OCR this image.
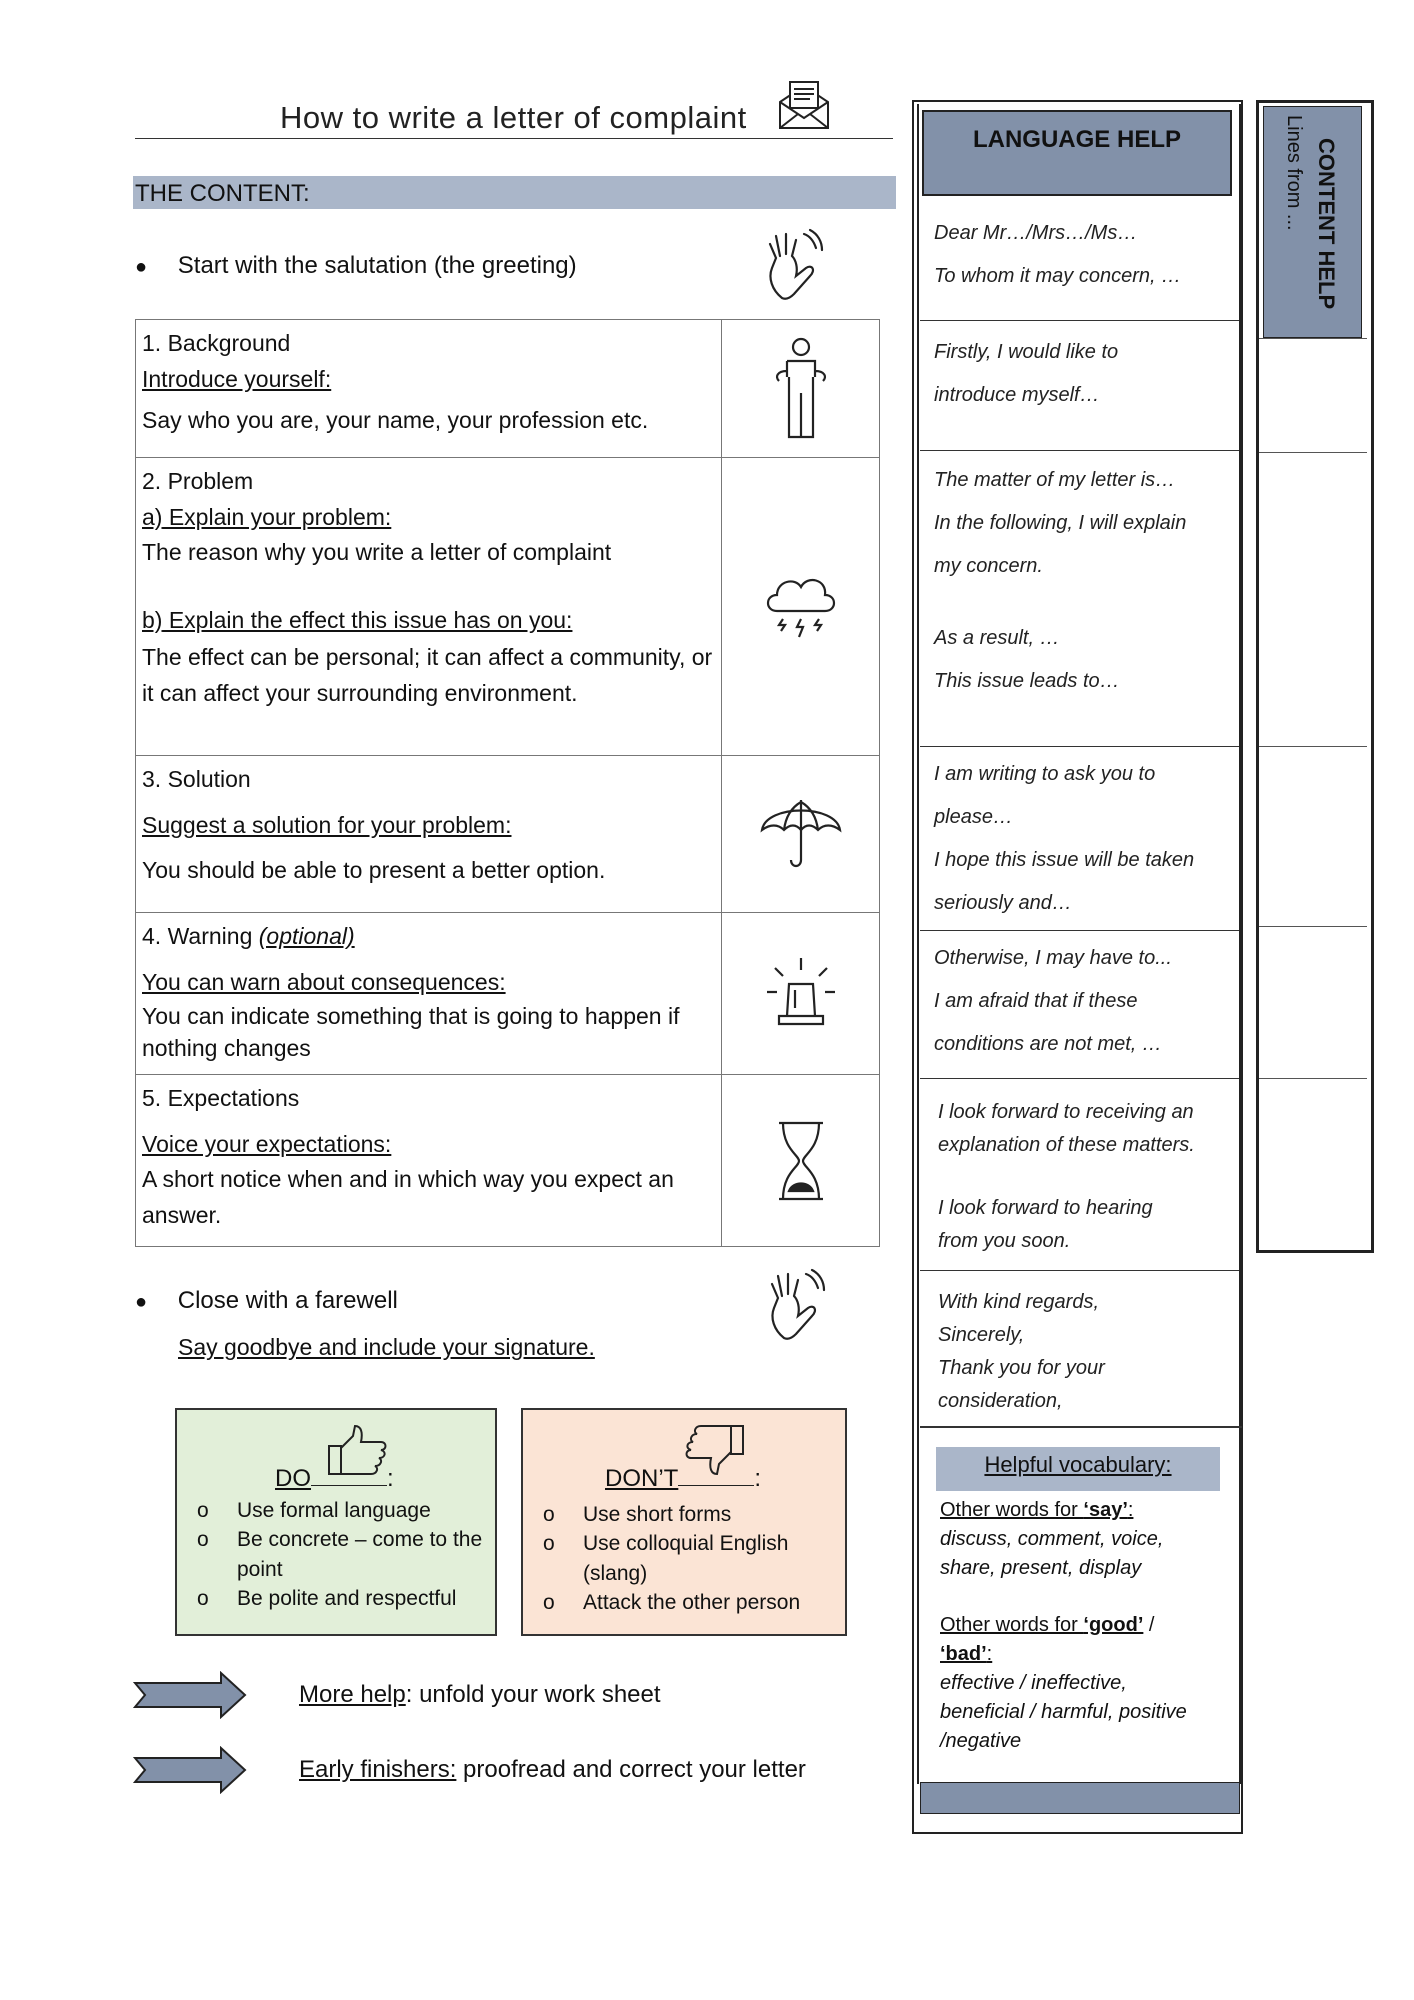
How to write a letter of complaint
THE CONTENT:
● Start with the salutation (the greeting)
1. Background
Introduce yourself:
Say who you are, your name, your profession etc.

2. Problem
a) Explain your problem:
The reason why you write a letter of complaint
b) Explain the effect this issue has on you:
The effect can be personal; it can affect a community, or it can affect your surrounding environment.

3. Solution
Suggest a solution for your problem:
You should be able to present a better option.

4. Warning (optional)
You can warn about consequences:
You can indicate something that is going to happen if nothing changes

5. Expectations
Voice your expectations:
A short notice when and in which way you expect an answer.

● Close with a farewell
Say goodbye and include your signature.
DO	:
o Use formal language
o Be concrete – come to the point
o Be polite and respectful
DON’T	:
o Use short forms
o Use colloquial English (slang)
o Attack the other person
More help: unfold your work sheet
Early finishers: proofread and correct your letter
LANGUAGE HELP
Dear Mr…/Mrs…/Ms…
To whom it may concern, …
Firstly, I would like to
introduce myself…
The matter of my letter is…
In the following, I will explain
my concern.
As a result, …
This issue leads to…
I am writing to ask you to
please…
I hope this issue will be taken
seriously and…
Otherwise, I may have to...
I am afraid that if these
conditions are not met, …
I look forward to receiving an
explanation of these matters.
I look forward to hearing
from you soon.
With kind regards,
Sincerely,
Thank you for your
consideration,
Helpful vocabulary:
Other words for ‘say’:
discuss, comment, voice, share, present, display
Other words for ‘good’ /
‘bad’:
effective / ineffective, beneficial / harmful, positive /negative
CONTENT HELP
Lines from ...
